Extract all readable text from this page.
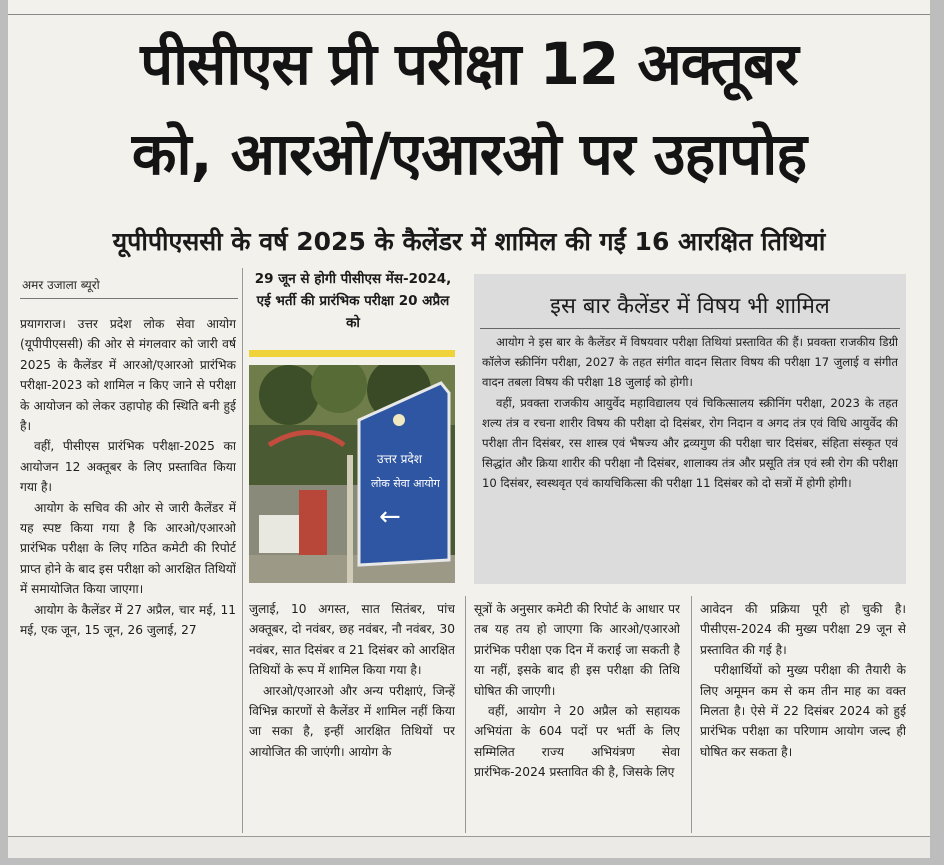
पीसीएस प्री परीक्षा 12 अक्तूबर
को, आरओ/एआरओ पर उहापोह
यूपीपीएससी के वर्ष 2025 के कैलेंडर में शामिल की गईं 16 आरक्षित तिथियां
अमर उजाला ब्यूरो

प्रयागराज। उत्तर प्रदेश लोक सेवा आयोग (यूपीपीएससी) की ओर से मंगलवार को जारी वर्ष 2025 के कैलेंडर में आरओ/एआरओ प्रारंभिक परीक्षा-2023 को शामिल न किए जाने से परीक्षा के आयोजन को लेकर उहापोह की स्थिति बनी हुई है।

वहीं, पीसीएस प्रारंभिक परीक्षा-2025 का आयोजन 12 अक्तूबर के लिए प्रस्तावित किया गया है।

आयोग के सचिव की ओर से जारी कैलेंडर में यह स्पष्ट किया गया है कि आरओ/एआरओ प्रारंभिक परीक्षा के लिए गठित कमेटी की रिपोर्ट प्राप्त होने के बाद इस परीक्षा को आरक्षित तिथियों में समायोजित किया जाएगा।

आयोग के कैलेंडर में 27 अप्रैल, चार मई, 11 मई, एक जून, 15 जून, 26 जुलाई, 27

29 जून से होगी पीसीएस मेंस-2024, एई भर्ती की प्रारंभिक परीक्षा 20 अप्रैल को
उत्तर प्रदेश
लोक सेवा आयोग
←
इस बार कैलेंडर में विषय भी शामिल

आयोग ने इस बार के कैलेंडर में विषयवार परीक्षा तिथियां प्रस्तावित की हैं। प्रवक्ता राजकीय डिग्री कॉलेज स्क्रीनिंग परीक्षा, 2027 के तहत संगीत वादन सितार विषय की परीक्षा 17 जुलाई व संगीत वादन तबला विषय की परीक्षा 18 जुलाई को होगी।

वहीं, प्रवक्ता राजकीय आयुर्वेद महाविद्यालय एवं चिकित्सालय स्क्रीनिंग परीक्षा, 2023 के तहत शल्य तंत्र व रचना शारीर विषय की परीक्षा दो दिसंबर, रोग निदान व अगद तंत्र एवं विधि आयुर्वेद की परीक्षा तीन दिसंबर, रस शास्त्र एवं भैषज्य और द्रव्यगुण की परीक्षा चार दिसंबर, संहिता संस्कृत एवं सिद्धांत और क्रिया शारीर की परीक्षा नौ दिसंबर, शालाक्य तंत्र और प्रसूति तंत्र एवं स्त्री रोग की परीक्षा 10 दिसंबर, स्वस्थवृत एवं कायचिकित्सा की परीक्षा 11 दिसंबर को दो सत्रों में होगी होगी।

जुलाई, 10 अगस्त, सात सितंबर, पांच अक्तूबर, दो नवंबर, छह नवंबर, नौ नवंबर, 30 नवंबर, सात दिसंबर व 21 दिसंबर को आरक्षित तिथियों के रूप में शामिल किया गया है।

आरओ/एआरओ और अन्य परीक्षाएं, जिन्हें विभिन्न कारणों से कैलेंडर में शामिल नहीं किया जा सका है, इन्हीं आरक्षित तिथियों पर आयोजित की जाएंगी। आयोग के

सूत्रों के अनुसार कमेटी की रिपोर्ट के आधार पर तब यह तय हो जाएगा कि आरओ/एआरओ प्रारंभिक परीक्षा एक दिन में कराई जा सकती है या नहीं, इसके बाद ही इस परीक्षा की तिथि घोषित की जाएगी।

वहीं, आयोग ने 20 अप्रैल को सहायक अभियंता के 604 पदों पर भर्ती के लिए सम्मिलित राज्य अभियंत्रण सेवा प्रारंभिक-2024 प्रस्तावित की है, जिसके लिए

आवेदन की प्रक्रिया पूरी हो चुकी है। पीसीएस-2024 की मुख्य परीक्षा 29 जून से प्रस्तावित की गई है।

परीक्षार्थियों को मुख्य परीक्षा की तैयारी के लिए अमूमन कम से कम तीन माह का वक्त मिलता है। ऐसे में 22 दिसंबर 2024 को हुई प्रारंभिक परीक्षा का परिणाम आयोग जल्द ही घोषित कर सकता है।
